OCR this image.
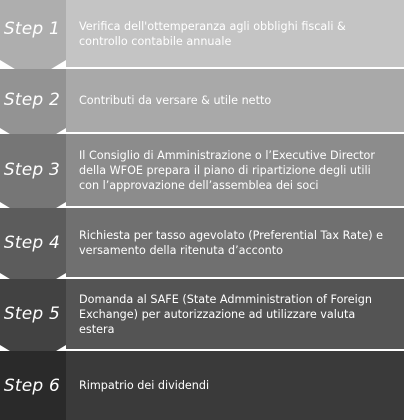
Verifica dell'ottemperanza agli obblighi fiscali & controllo contabile annuale
Contributi da versare & utile netto
Il Consiglio di Amministrazione o l’Executive Director della WFOE prepara il piano di ripartizione degli utili con l’approvazione dell’assemblea dei soci
Richiesta per tasso agevolato (Preferential Tax Rate) e versamento della ritenuta d’acconto
Domanda al SAFE (State Admministration of Foreign Exchange) per autorizzazione ad utilizzare valuta estera
Rimpatrio dei dividendi
Step 1
Step 2
Step 3
Step 4
Step 5
Step 6
